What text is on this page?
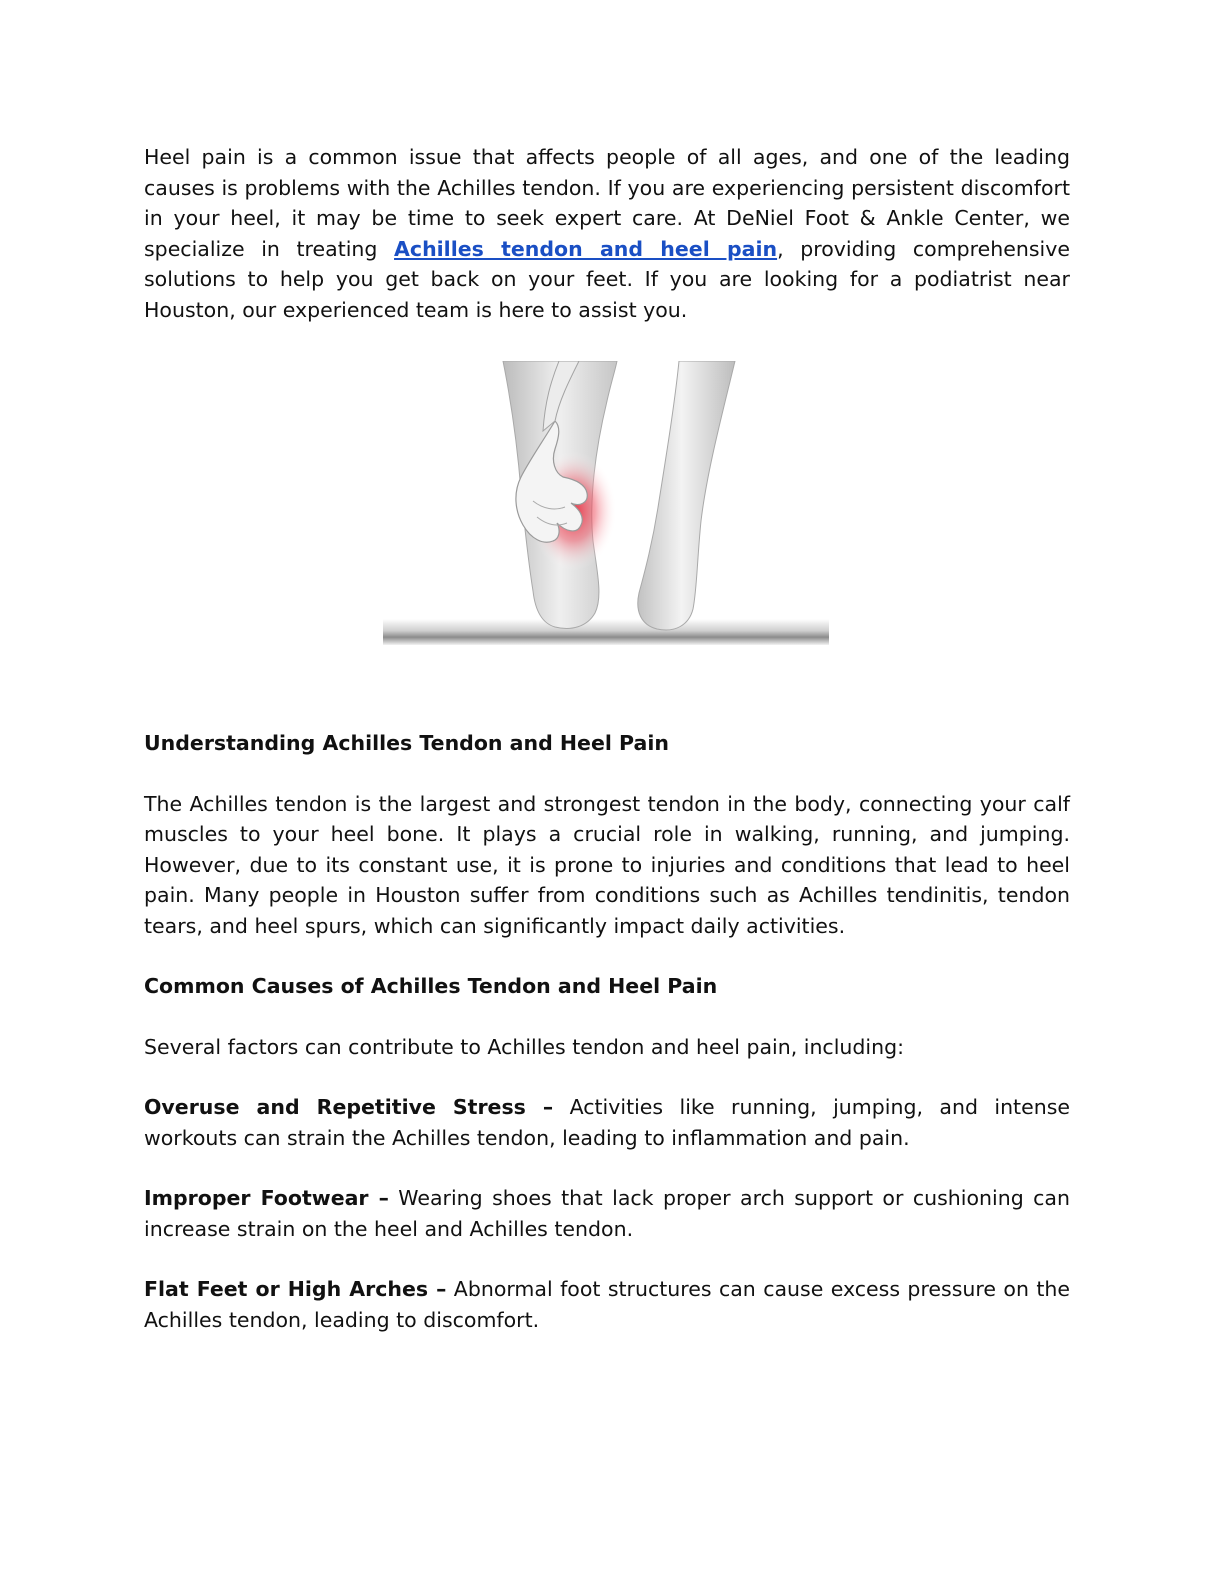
Heel pain is a common issue that affects people of all ages, and one of the leading causes is problems with the Achilles tendon. If you are experiencing persistent discomfort in your heel, it may be time to seek expert care. At DeNiel Foot & Ankle Center, we specialize in treating Achilles tendon and heel pain, providing comprehensive solutions to help you get back on your feet. If you are looking for a podiatrist near Houston, our experienced team is here to assist you.

Understanding Achilles Tendon and Heel Pain

The Achilles tendon is the largest and strongest tendon in the body, connecting your calf muscles to your heel bone. It plays a crucial role in walking, running, and jumping. However, due to its constant use, it is prone to injuries and conditions that lead to heel pain. Many people in Houston suffer from conditions such as Achilles tendinitis, tendon tears, and heel spurs, which can significantly impact daily activities.

Common Causes of Achilles Tendon and Heel Pain

Several factors can contribute to Achilles tendon and heel pain, including:

Overuse and Repetitive Stress – Activities like running, jumping, and intense workouts can strain the Achilles tendon, leading to inflammation and pain.

Improper Footwear – Wearing shoes that lack proper arch support or cushioning can increase strain on the heel and Achilles tendon.

Flat Feet or High Arches – Abnormal foot structures can cause excess pressure on the Achilles tendon, leading to discomfort.
